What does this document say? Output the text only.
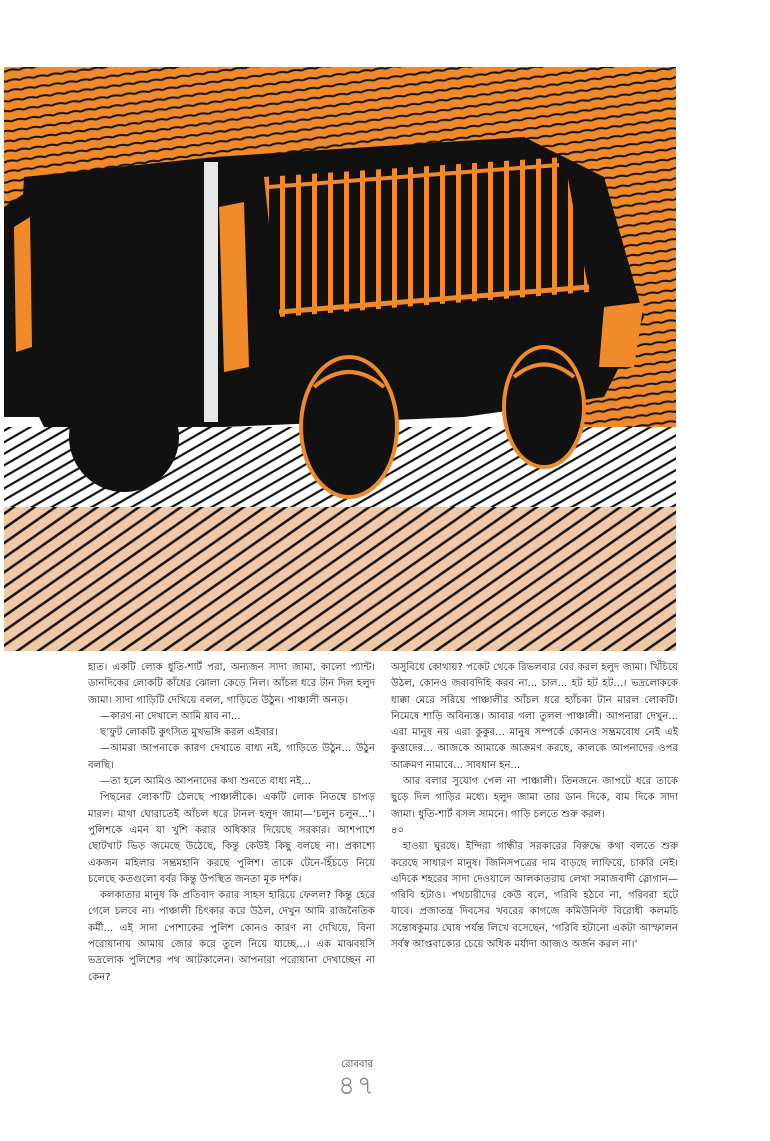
হাত। একটি লোক ধুতি-শার্ট পরা, অন্যজন সাদা জামা, কালো প্যান্ট। ডানদিকের লোকটি কাঁধের ঝোলা কেড়ে নিল। আঁচল ধরে টান দিল হলুদ জামা। সাদা গাড়িটি দেখিয়ে বলল, গাড়িতে উঠুন। পাঞ্চালী অনড়।

—কারণ না দেখালে আমি যাব না...

ছ’ফুট লোকটি কুৎসিত মুখভঙ্গি করল এইবার।

—আমরা আপনাকে কারণ দেখাতে বাধ্য নই, গাড়িতে উঠুন... উঠুন বলছি।

—তা হলে আমিও আপনাদের কথা শুনতে বাধ্য নই...

পিছনের লোক’টি ঠেলছে পাঞ্চালীকে। একটি লোক নিতম্বে চাপড় মারল। মাথা ঘোরাতেই আঁচল ধরে টানল হলুদ জামা—‘চলুন চলুন...’। পুলিশকে এমন যা খুশি করার অধিকার দিয়েছে সরকার। আশপাশে ছোটখাট ভিড় জমেছে উঠেছে, কিন্তু কেউই কিছু বলছে না। প্রকাশ্যে একজন মহিলার সম্ভ্রমহানি করছে পুলিশ। তাকে টেনে-হিঁচড়ে নিয়ে চলেছে কতগুলো বর্বর কিন্তু উপস্থিত জনতা মূক দর্শক।

কলকাতার মানুষ কি প্রতিবাদ করার সাহস হারিয়ে ফেলল? কিন্তু হেরে গেলে চলবে না। পাঞ্চালী চিৎকার করে উঠল, দেখুন আমি রাজনৈতিক কর্মী... এই সাদা পোশাকের পুলিশ কোনও কারণ না দেখিয়ে, বিনা পরোয়ানায় আমায় জোর করে তুলে নিয়ে যাচ্ছে...। এক মাঝবয়সি ভদ্রলোক পুলিশের পথ আটকালেন। আপনারা পরোয়ানা দেখাচ্ছেন না কেন?

অসুবিধে কোথায়? পকেট থেকে রিভলবার বের করল হলুদ জামা। খিঁচিয়ে উঠল, কোনও জবাবদিহি করব না... চাল... হট হট হট...। ভদ্রলোককে ধাক্কা মেরে সরিয়ে পাঞ্চালীর আঁচল ধরে হ্যাঁচকা টান মারল লোকটি। নিমেষে শাড়ি অবিন্যস্ত। আবার গলা তুলল পাঞ্চালী। আপনারা দেখুন... এরা মানুষ নয় এরা কুকুর... মানুষ সম্পর্কে কোনও সম্ভ্রমবোধ নেই এই কুত্তাদের... আজকে আমাকে আক্রমণ করছে, কালকে আপনাদের ওপর আক্রমণ নামাবে... সাবধান হন...

আর বলার সুযোগ পেল না পাঞ্চালী। তিনজনে জাপটে ধরে তাকে ছুড়ে দিল গাড়ির মধ্যে। হলুদ জামা তার ডান দিকে, বাম দিকে সাদা জামা। ধুতি-শার্ট বসল সামনে। গাড়ি চলতে শুরু করল।

৪০

হাওয়া ঘুরছে। ইন্দিরা গান্ধীর সরকারের বিরুদ্ধে কথা বলতে শুরু করেছে সাধারণ মানুষ। জিনিসপত্রের দাম বাড়ছে লাফিয়ে, চাকরি নেই। এদিকে শহরের সাদা দেওয়ালে আলকাতরায় লেখা সমাজবাদী স্লোগান—গরিবি হটাও। পথচারীদের কেউ বলে, গরিবি হঠবে না, গরিবরা হটে যাবে। প্রজাতন্ত্র দিবসের খবরের কাগজে কমিউনিস্ট বিরোধী কলমচি সন্তোষকুমার ঘোষ পর্যন্ত লিখে বসেছেন, ‘গরিবি হটানো একটা আস্ফালন সর্বস্ব আপ্তবাক্যের চেয়ে অধিক মর্যাদা আজও অর্জন করল না।’

রোববার
৪৭
